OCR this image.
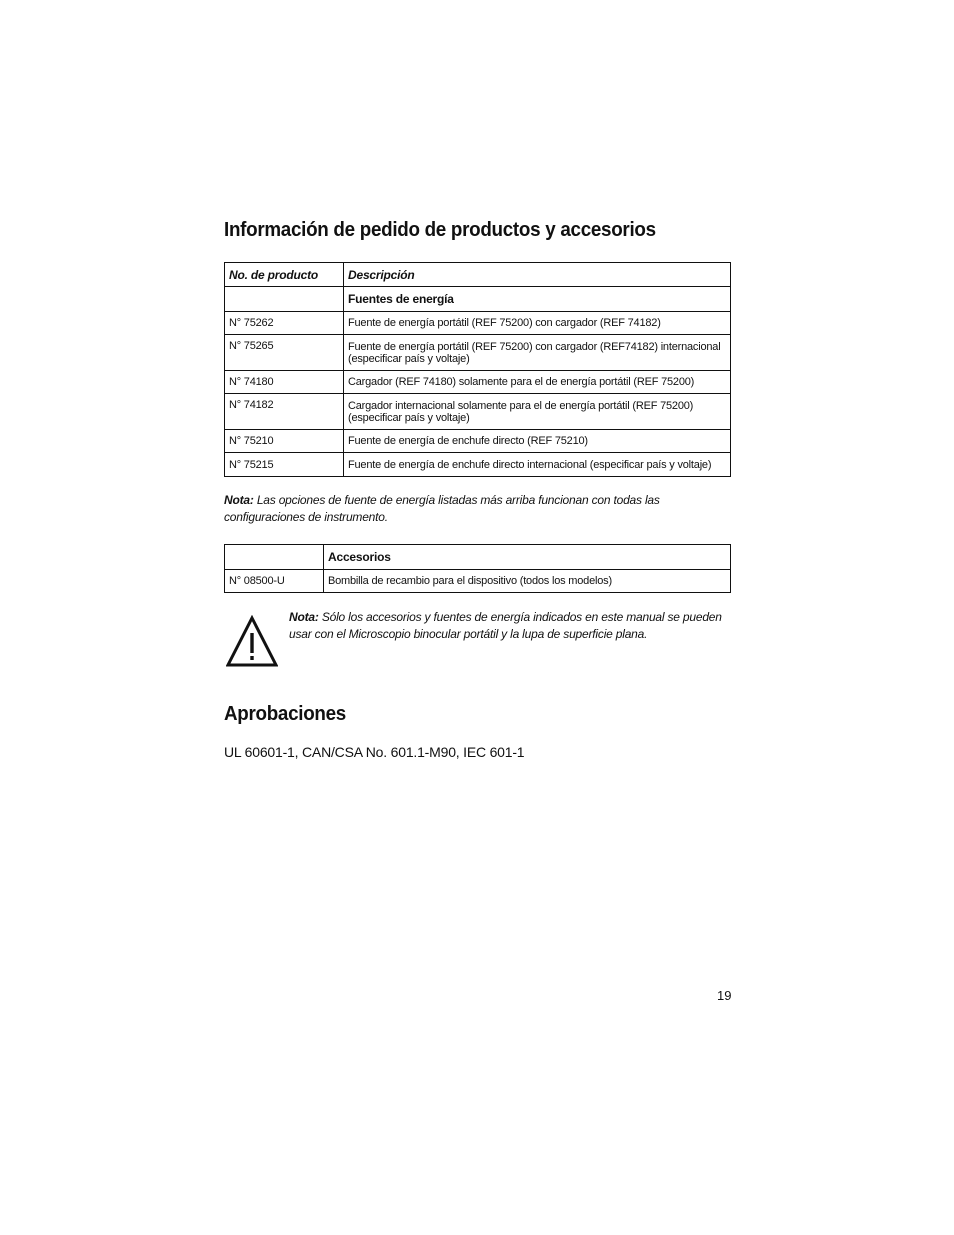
Información de pedido de productos y accesorios
No. de producto	Descripción
	Fuentes de energía
N° 75262	Fuente de energía portátil (REF 75200) con cargador (REF 74182)
N° 75265	Fuente de energía portátil (REF 75200) con cargador (REF74182) internacional
(especificar país y voltaje)
N° 74180	Cargador (REF 74180) solamente para el de energía portátil (REF 75200)
N° 74182	Cargador internacional solamente para el de energía portátil (REF 75200)
(especificar país y voltaje)
N° 75210	Fuente de energía de enchufe directo (REF 75210)
N° 75215	Fuente de energía de enchufe directo internacional (especificar país y voltaje)

Nota: Las opciones de fuente de energía listadas más arriba funcionan con todas las
configuraciones de instrumento.

	Accesorios
N° 08500-U	Bombilla de recambio para el dispositivo (todos los modelos)

Nota: Sólo los accesorios y fuentes de energía indicados en este manual se pueden
usar con el Microscopio binocular portátil y la lupa de superficie plana.

Aprobaciones
UL 60601-1, CAN/CSA No. 601.1-M90, IEC 601-1
19
